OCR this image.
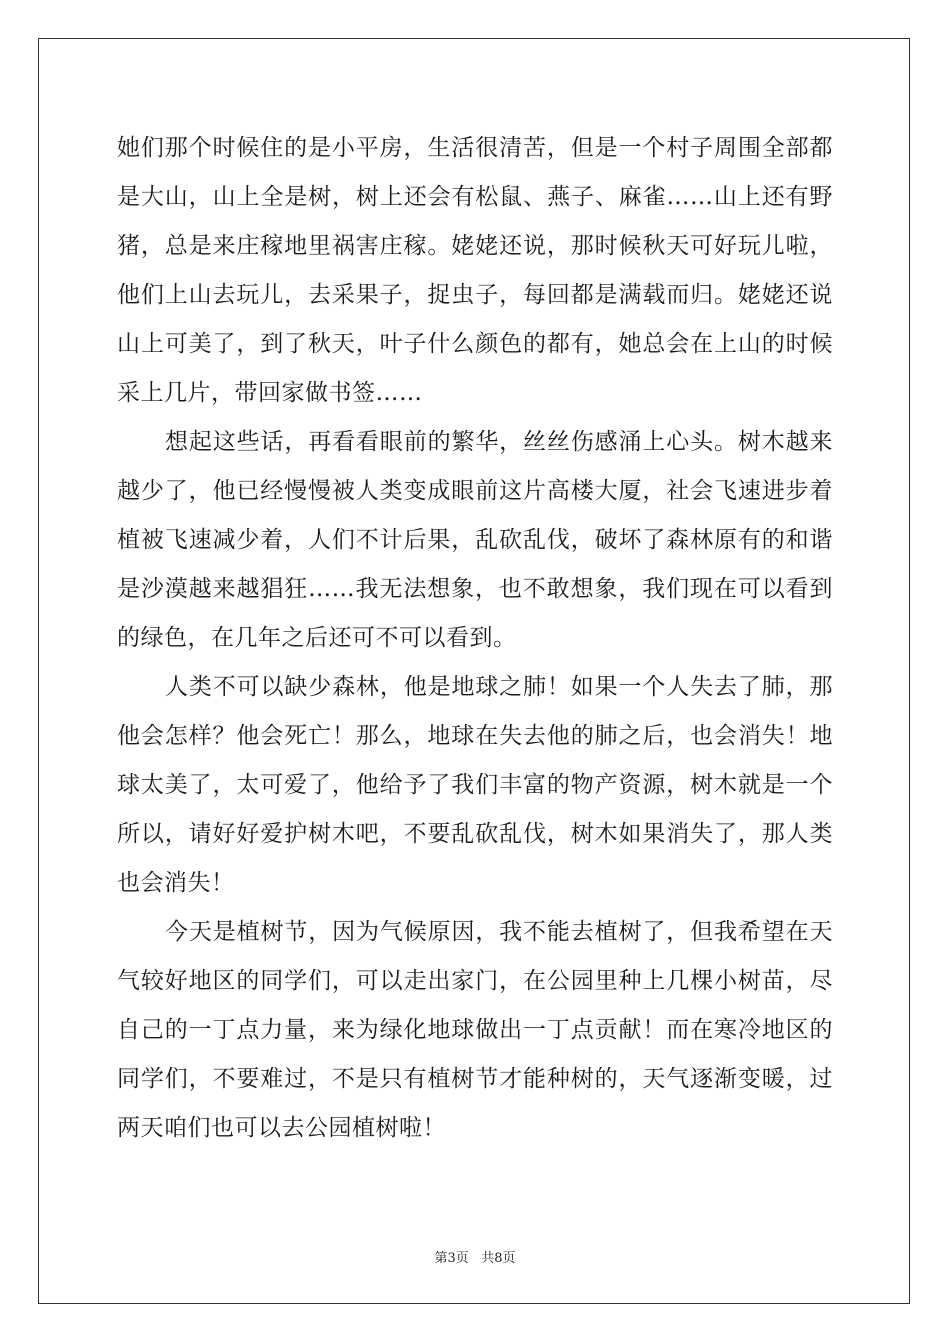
她们那个时候住的是小平房，生活很清苦，但是一个村子周围全部都
是大山，山上全是树，树上还会有松鼠、燕子、麻雀……山上还有野
猪，总是来庄稼地里祸害庄稼。姥姥还说，那时候秋天可好玩儿啦，
他们上山去玩儿，去采果子，捉虫子，每回都是满载而归。姥姥还说
山上可美了，到了秋天，叶子什么颜色的都有，她总会在上山的时候
采上几片，带回家做书签……
想起这些话，再看看眼前的繁华，丝丝伤感涌上心头。树木越来
越少了，他已经慢慢被人类变成眼前这片高楼大厦，社会飞速进步着
植被飞速减少着，人们不计后果，乱砍乱伐，破坏了森林原有的和谐
是沙漠越来越猖狂……我无法想象，也不敢想象，我们现在可以看到
的绿色，在几年之后还可不可以看到。
人类不可以缺少森林，他是地球之肺！如果一个人失去了肺，那
他会怎样？他会死亡！那么，地球在失去他的肺之后，也会消失！地
球太美了，太可爱了，他给予了我们丰富的物产资源，树木就是一个
所以，请好好爱护树木吧，不要乱砍乱伐，树木如果消失了，那人类
也会消失！
今天是植树节，因为气候原因，我不能去植树了，但我希望在天
气较好地区的同学们，可以走出家门，在公园里种上几棵小树苗，尽
自己的一丁点力量，来为绿化地球做出一丁点贡献！而在寒冷地区的
同学们，不要难过，不是只有植树节才能种树的，天气逐渐变暖，过
两天咱们也可以去公园植树啦！
第3页 共8页
